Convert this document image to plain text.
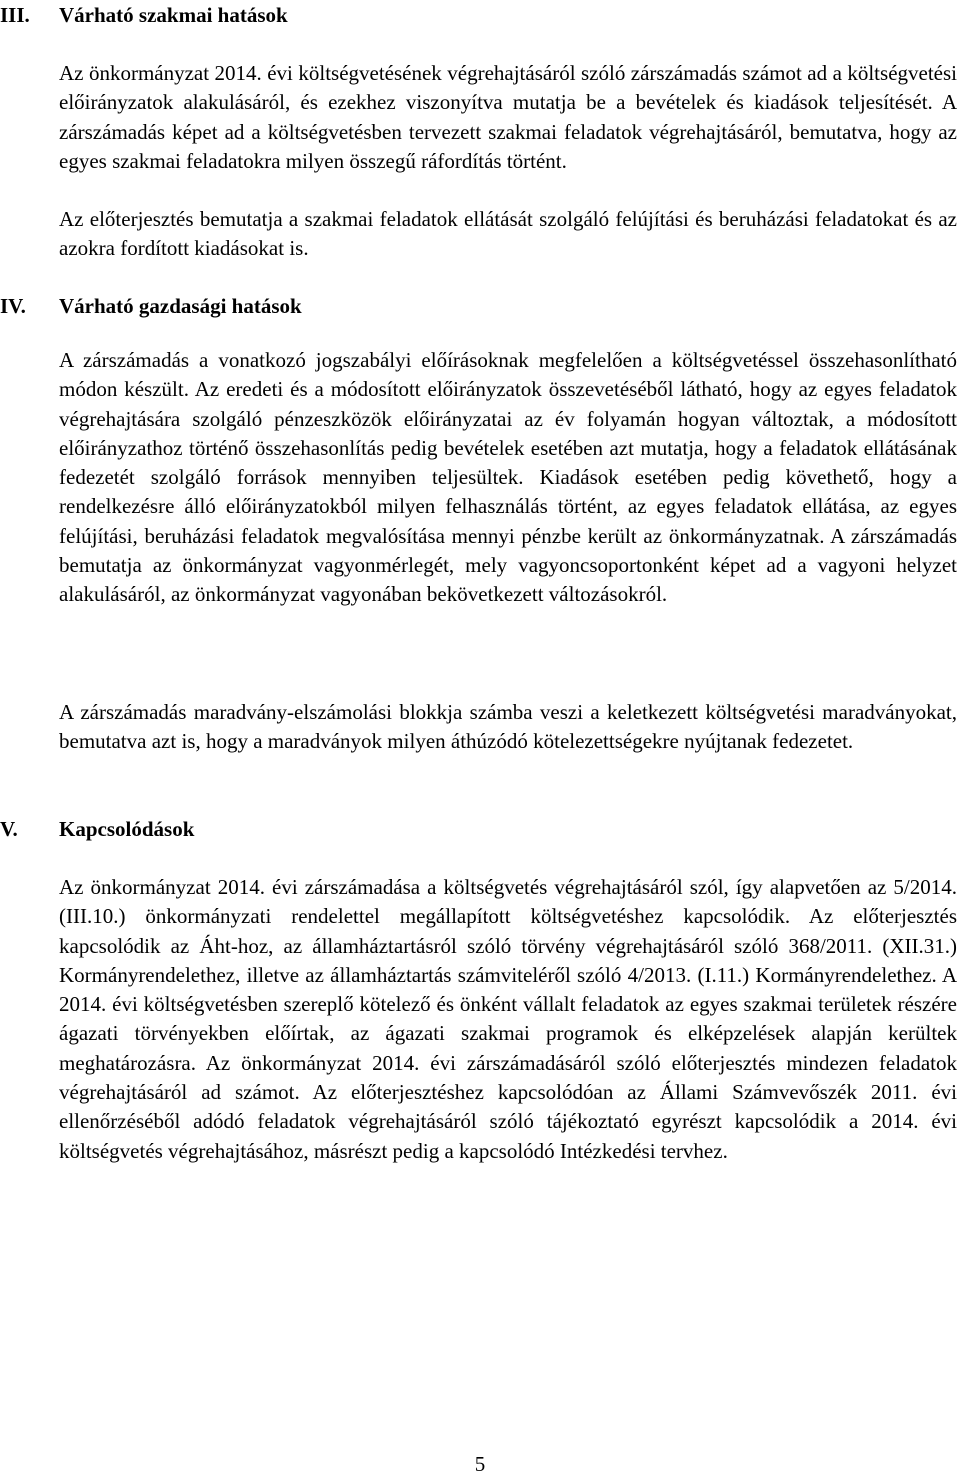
III. Várható szakmai hatások
Az önkormányzat 2014. évi költségvetésének végrehajtásáról szóló zárszámadás számot ad a költségvetési előirányzatok alakulásáról, és ezekhez viszonyítva mutatja be a bevételek és kiadások teljesítését. A zárszámadás képet ad a költségvetésben tervezett szakmai feladatok végrehajtásáról, bemutatva, hogy az egyes szakmai feladatokra milyen összegű ráfordítás történt.
Az előterjesztés bemutatja a szakmai feladatok ellátását szolgáló felújítási és beruházási feladatokat és az azokra fordított kiadásokat is.
IV. Várható gazdasági hatások
A zárszámadás a vonatkozó jogszabályi előírásoknak megfelelően a költségvetéssel összehasonlítható módon készült. Az eredeti és a módosított előirányzatok összevetéséből látható, hogy az egyes feladatok végrehajtására szolgáló pénzeszközök előirányzatai az év folyamán hogyan változtak, a módosított előirányzathoz történő összehasonlítás pedig bevételek esetében azt mutatja, hogy a feladatok ellátásának fedezetét szolgáló források mennyiben teljesültek. Kiadások esetében pedig követhető, hogy a rendelkezésre álló előirányzatokból milyen felhasználás történt, az egyes feladatok ellátása, az egyes felújítási, beruházási feladatok megvalósítása mennyi pénzbe került az önkormányzatnak. A zárszámadás bemutatja az önkormányzat vagyonmérlegét, mely vagyoncsoportonként képet ad a vagyoni helyzet alakulásáról, az önkormányzat vagyonában bekövetkezett változásokról.
A zárszámadás maradvány-elszámolási blokkja számba veszi a keletkezett költségvetési maradványokat, bemutatva azt is, hogy a maradványok milyen áthúzódó kötelezettségekre nyújtanak fedezetet.
V. Kapcsolódások
Az önkormányzat 2014. évi zárszámadása a költségvetés végrehajtásáról szól, így alapvetően az 5/2014. (III.10.) önkormányzati rendelettel megállapított költségvetéshez kapcsolódik. Az előterjesztés kapcsolódik az Áht-hoz, az államháztartásról szóló törvény végrehajtásáról szóló 368/2011. (XII.31.) Kormányrendelethez, illetve az államháztartás számviteléről szóló 4/2013. (I.11.) Kormányrendelethez. A 2014. évi költségvetésben szereplő kötelező és önként vállalt feladatok az egyes szakmai területek részére ágazati törvényekben előírtak, az ágazati szakmai programok és elképzelések alapján kerültek meghatározásra. Az önkormányzat 2014. évi zárszámadásáról szóló előterjesztés mindezen feladatok végrehajtásáról ad számot. Az előterjesztéshez kapcsolódóan az Állami Számvevőszék 2011. évi ellenőrzéséből adódó feladatok végrehajtásáról szóló tájékoztató egyrészt kapcsolódik a 2014. évi költségvetés végrehajtásához, másrészt pedig a kapcsolódó Intézkedési tervhez.
5
